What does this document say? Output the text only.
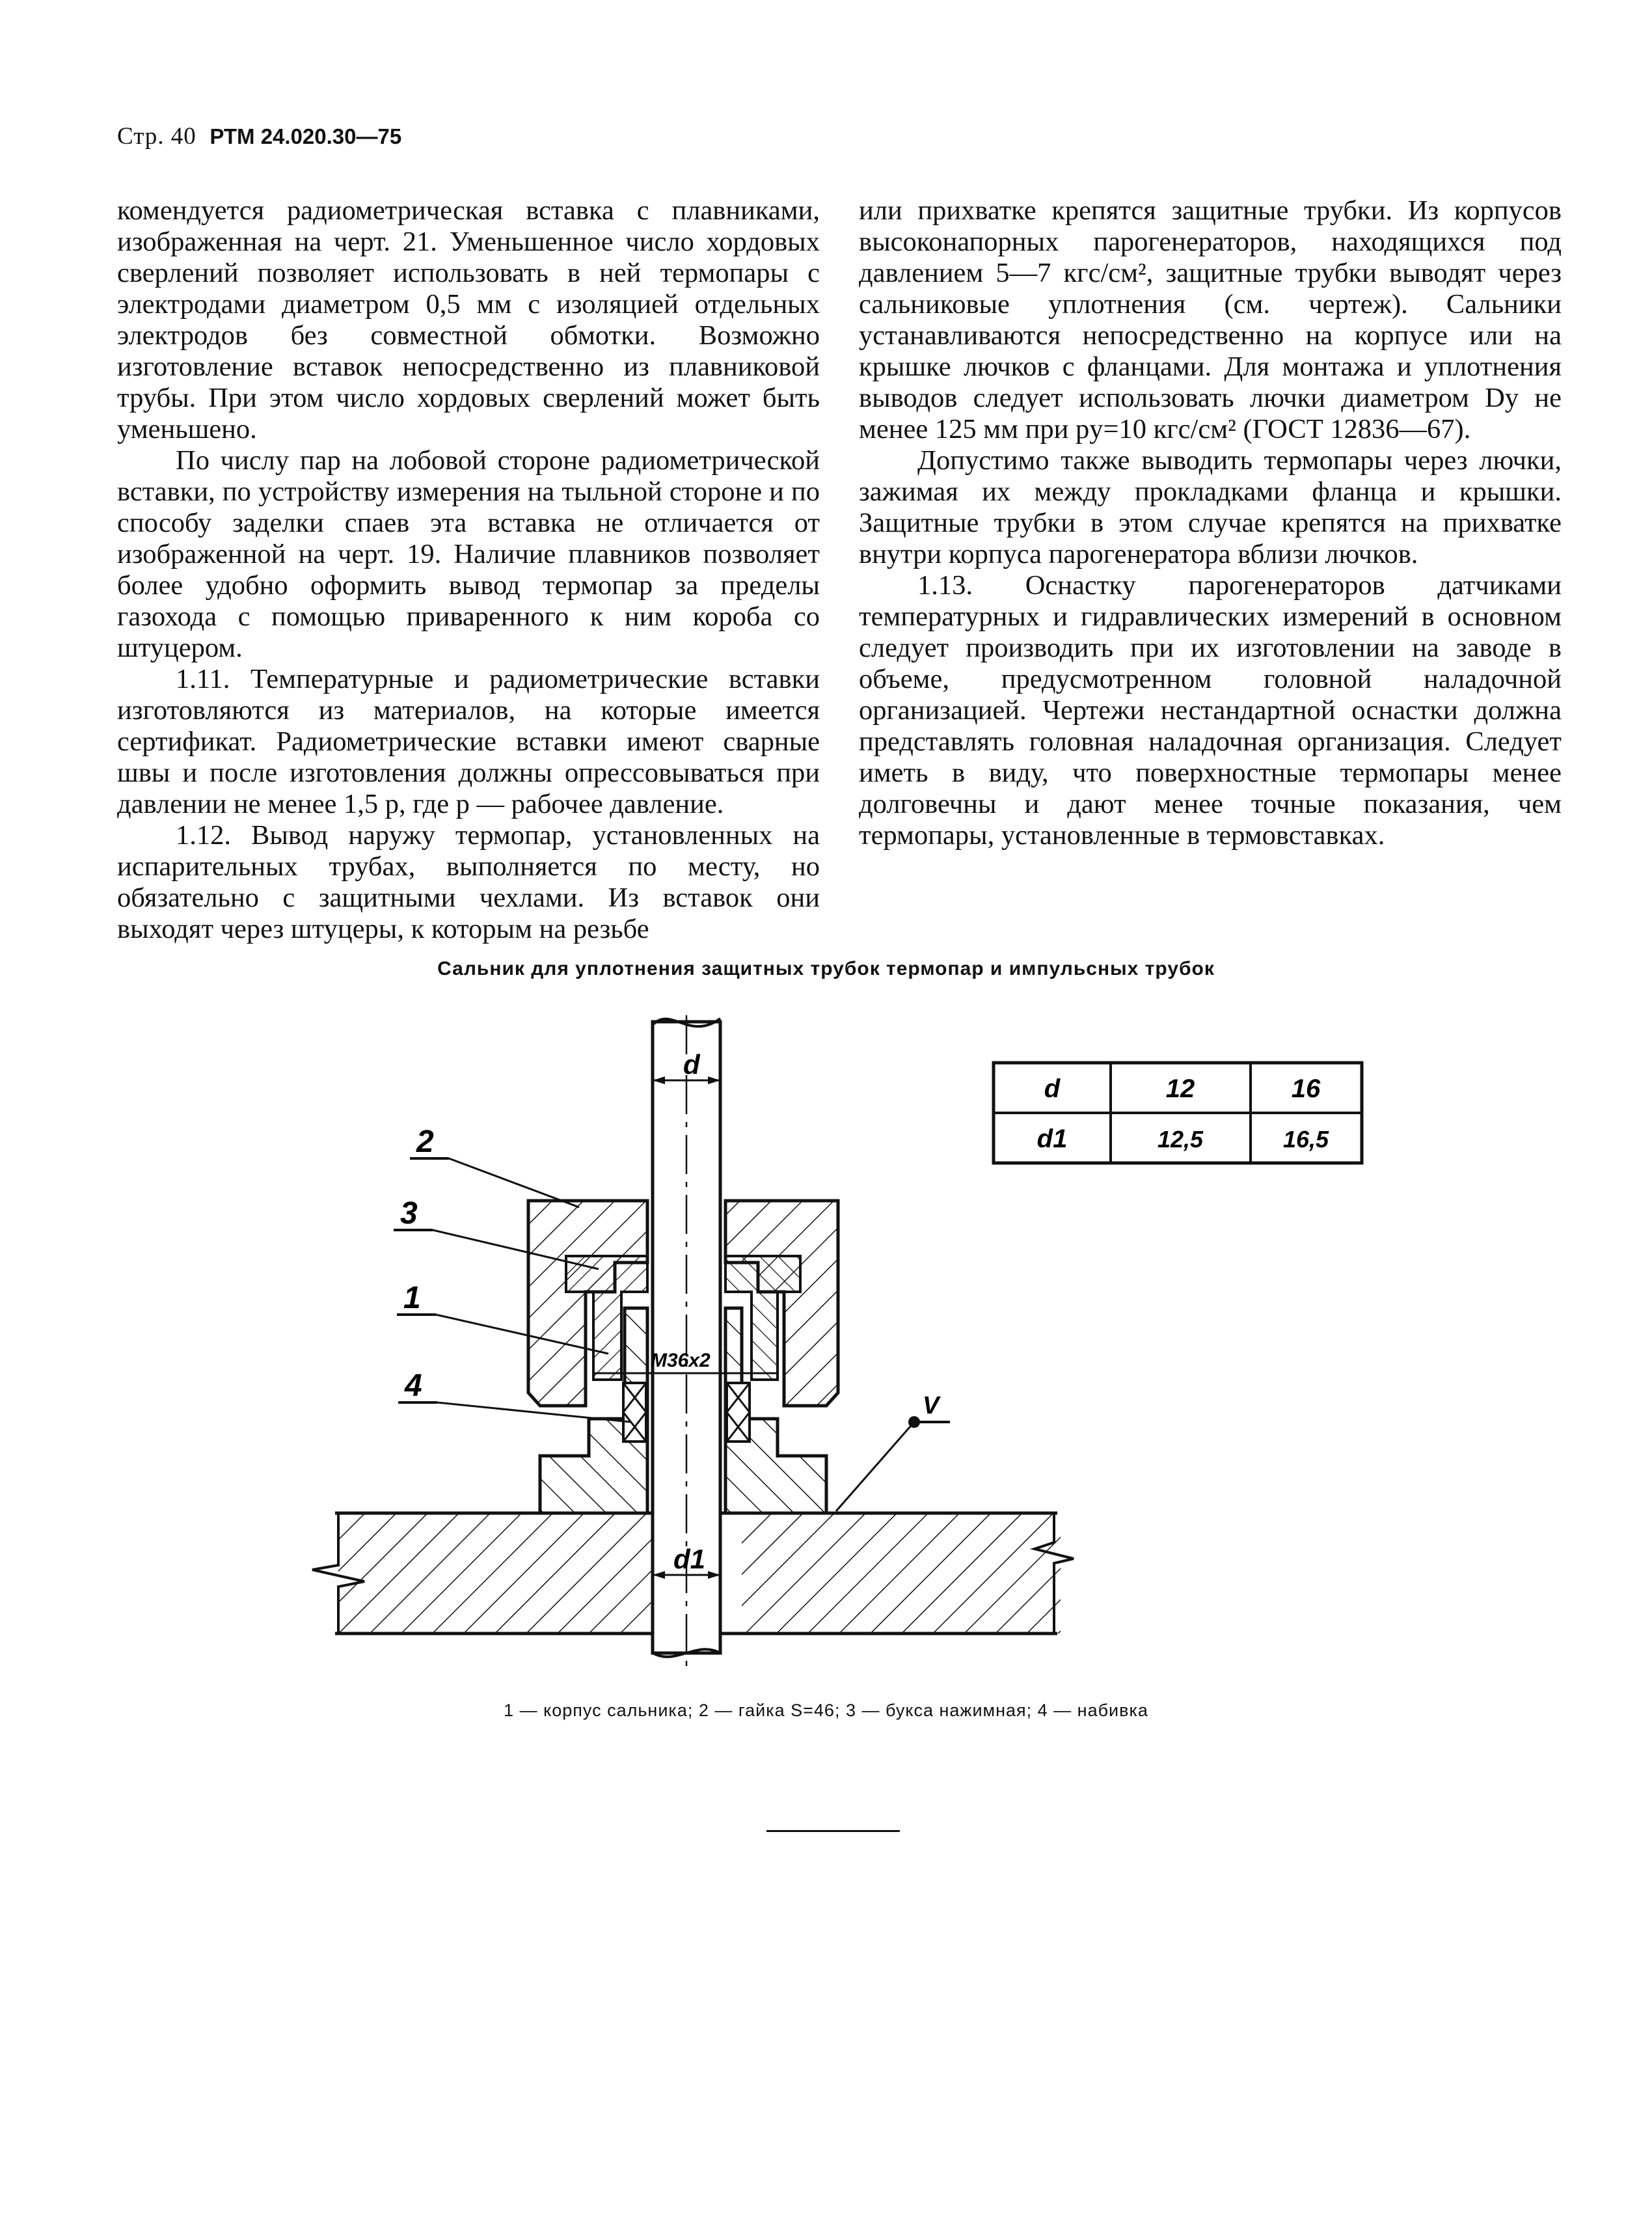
Стр. 40 РТМ 24.020.30—75

комендуется радиометрическая вставка с плавниками, изображенная на черт. 21. Уменьшенное число хордовых сверлений позволяет использовать в ней термопары с электродами диаметром 0,5 мм с изоляцией отдельных электродов без совместной обмотки. Возможно изготовление вставок непосредственно из плавниковой трубы. При этом число хордовых сверлений может быть уменьшено.

По числу пар на лобовой стороне радиометрической вставки, по устройству измерения на тыльной стороне и по способу заделки спаев эта вставка не отличается от изображенной на черт. 19. Наличие плавников позволяет более удобно оформить вывод термопар за пределы газохода с помощью приваренного к ним короба со штуцером.

1.11. Температурные и радиометрические вставки изготовляются из материалов, на которые имеется сертификат. Радиометрические вставки имеют сварные швы и после изготовления должны опрессовываться при давлении не менее 1,5 p, где p — рабочее давление.

1.12. Вывод наружу термопар, установленных на испарительных трубах, выполняется по месту, но обязательно с защитными чехлами. Из вставок они выходят через штуцеры, к которым на резьбе

или прихватке крепятся защитные трубки. Из корпусов высоконапорных парогенераторов, находящихся под давлением 5—7 кгс/см², защитные трубки выводят через сальниковые уплотнения (см. чертеж). Сальники устанавливаются непосредственно на корпусе или на крышке лючков с фланцами. Для монтажа и уплотнения выводов следует использовать лючки диаметром Dу не менее 125 мм при pу=10 кгс/см² (ГОСТ 12836—67).

Допустимо также выводить термопары через лючки, зажимая их между прокладками фланца и крышки. Защитные трубки в этом случае крепятся на прихватке внутри корпуса парогенератора вблизи лючков.

1.13. Оснастку парогенераторов датчиками температурных и гидравлических измерений в основном следует производить при их изготовлении на заводе в объеме, предусмотренном головной наладочной организацией. Чертежи нестандартной оснастки должна представлять головная наладочная организация. Следует иметь в виду, что поверхностные термопары менее долговечны и дают менее точные показания, чем термопары, установленные в термовставках.

Сальник для уплотнения защитных трубок термопар и импульсных трубок
d
M36x2
d1
2
3
1
4
V
d	12	16
d1	12,5	16,5
1 — корпус сальника; 2 — гайка S=46; 3 — букса нажимная; 4 — набивка
